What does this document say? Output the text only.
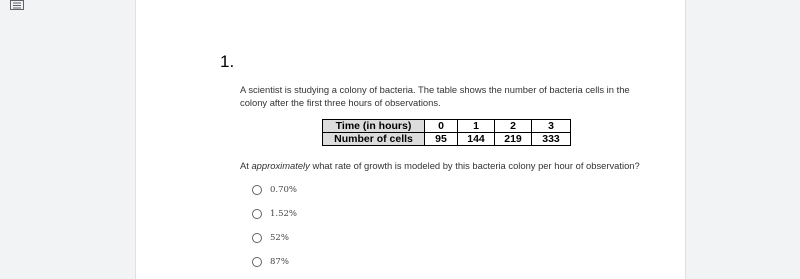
1.
A scientist is studying a colony of bacteria. The table shows the number of bacteria cells in the colony after the first three hours of observations.
Time (in hours)	0	1	2	3
Number of cells	95	144	219	333
At approximately what rate of growth is modeled by this bacteria colony per hour of observation?
0.70%
1.52%
52%
87%
